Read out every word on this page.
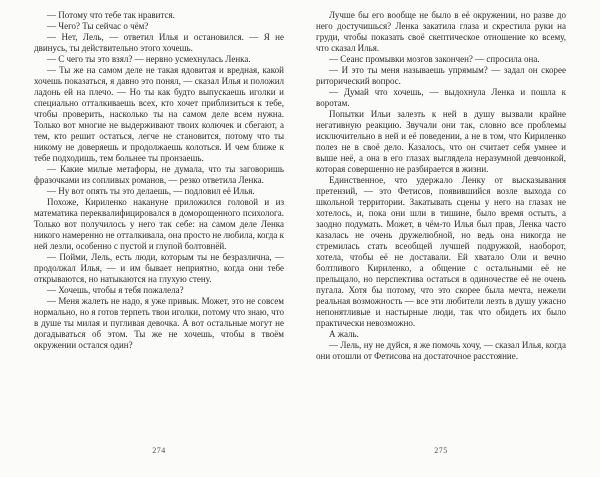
— Потому что тебе так нравится.

— Чего? Ты сейчас о чём?

— Нет, Лель, — ответил Илья и остановился. — Я не двинусь, ты действительно этого хочешь.

— С чего ты это взял? — нервно усмехнулась Ленка.

— Ты же на самом деле не такая ядовитая и вредная, какой хочешь показаться, я давно это понял, — сказал Илья и положил ладонь ей на плечо. — Но ты как будто выпускаешь иголки и специально отталкиваешь всех, кто хочет приблизиться к тебе, чтобы проверить, насколько ты на самом деле всем нужна. Только вот многие не выдерживают твоих колючек и сбегают, а тем, кто решит остаться, легче не становится, потому что ты никому не доверяешь и продолжаешь колоться. И чем ближе к тебе подходишь, тем больнее ты пронзаешь.

— Какие милые метафоры, не думала, что ты заговоришь фразочками из сопливых романов, — резко ответила Ленка.

— Ну вот опять ты это делаешь, — подловил её Илья.

Похоже, Кириленко накануне приложился головой и из математика переквалифицировался в доморощенного психолога. Только вот получилось у него так себе: на самом деле Ленка никого намеренно не отталкивала, она просто не любила, когда к ней лезли, особенно с пустой и глупой болтовнёй.

— Пойми, Лель, есть люди, которым ты не безразлична, — продолжал Илья, — и им бывает неприятно, когда они тебе открываются, но натыкаются на глухую стену.

— Хочешь, чтобы я тебя пожалела?

— Меня жалеть не надо, я уже привык. Может, это не совсем нормально, но я готов терпеть твои иголки, потому что знаю, что в душе ты милая и пугливая девочка. А вот остальные могут не догадываться об этом. Ты же не хочешь, чтобы в твоём окружении остался один?

274

Лучше бы его вообще не было в её окружении, но разве до него достучишься? Ленка закатила глаза и скрестила руки на груди, чтобы показать своё скептическое отношение ко всему, что сказал Илья.

— Сеанс промывки мозгов закончен? — спросила она.

— И это ты меня называешь упрямым? — задал он скорее риторический вопрос.

— Думай что хочешь, — выдохнула Ленка и пошла к воротам.

Попытки Ильи залезть к ней в душу вызвали крайне негативную реакцию. Звучали они так, словно все проблемы исключительно в ней и её поведении, а не в том, что Кириленко полез не в своё дело. Казалось, что он считает себя умнее и выше неё, а она в его глазах выглядела неразумной девчонкой, которая совершенно не разбирается в жизни.

Единственное, что удержало Ленку от высказывания претензий, — это Фетисов, появившийся возле выхода со школьной территории. Закатывать сцены у него на глазах не хотелось, и, пока они шли в тишине, было время остыть, а заодно подумать. Может, в чём-то Илья был прав, Ленка часто казалась не очень дружелюбной, но ведь она никогда не стремилась стать всеобщей лучшей подружкой, наоборот, хотела, чтобы её не доставали. Ей хватало Оли и вечно болтливого Кириленко, а общение с остальными её не прельщало, но перспектива остаться в одиночестве её не очень пугала. Хотя бы потому, что это скорее была мечта, нежели реальная возможность — все эти любители лезть в душу ужасно непонятливые и настырные люди, так что обидеть их было практически невозможно.

А жаль.

— Лель, ну не дуйся, я же помочь хочу, — сказал Илья, когда они отошли от Фетисова на достаточное расстояние.

275
